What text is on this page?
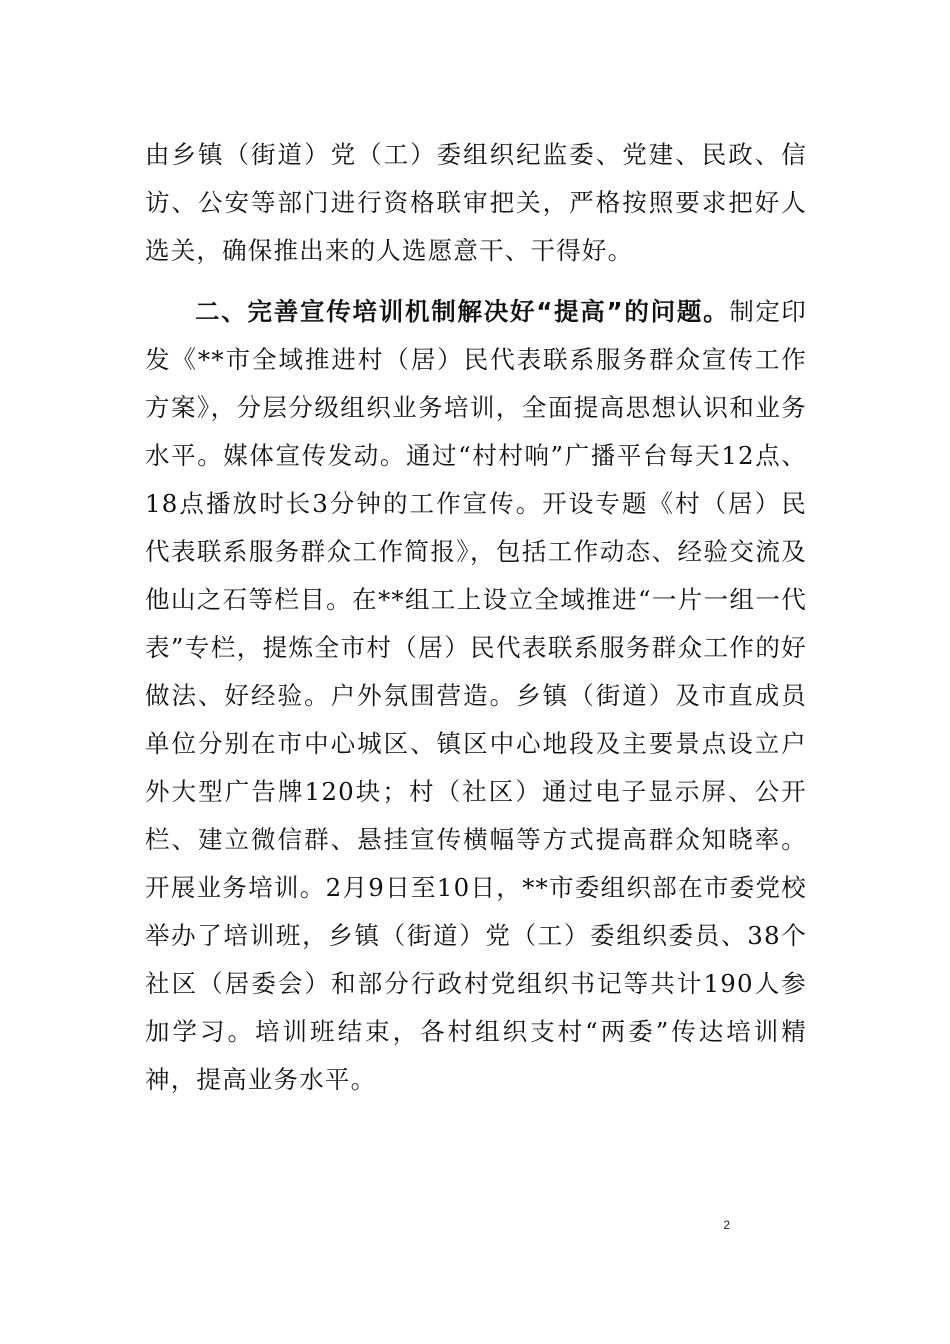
由乡镇（街道）党（工）委组织纪监委、党建、民政、信访、公安等部门进行资格联审把关，严格按照要求把好人选关，确保推出来的人选愿意干、干得好。

二、完善宣传培训机制解决好“提高”的问题。制定印发《**市全域推进村（居）民代表联系服务群众宣传工作方案》，分层分级组织业务培训，全面提高思想认识和业务水平。媒体宣传发动。通过“村村响”广播平台每天12点、18点播放时长3分钟的工作宣传。开设专题《村（居）民代表联系服务群众工作简报》，包括工作动态、经验交流及他山之石等栏目。在**组工上设立全域推进“一片一组一代表”专栏，提炼全市村（居）民代表联系服务群众工作的好做法、好经验。户外氛围营造。乡镇（街道）及市直成员单位分别在市中心城区、镇区中心地段及主要景点设立户外大型广告牌120块；村（社区）通过电子显示屏、公开栏、建立微信群、悬挂宣传横幅等方式提高群众知晓率。开展业务培训。2月9日至10日，**市委组织部在市委党校举办了培训班，乡镇（街道）党（工）委组织委员、38个社区（居委会）和部分行政村党组织书记等共计190人参加学习。培训班结束，各村组织支村“两委”传达培训精神，提高业务水平。

2
